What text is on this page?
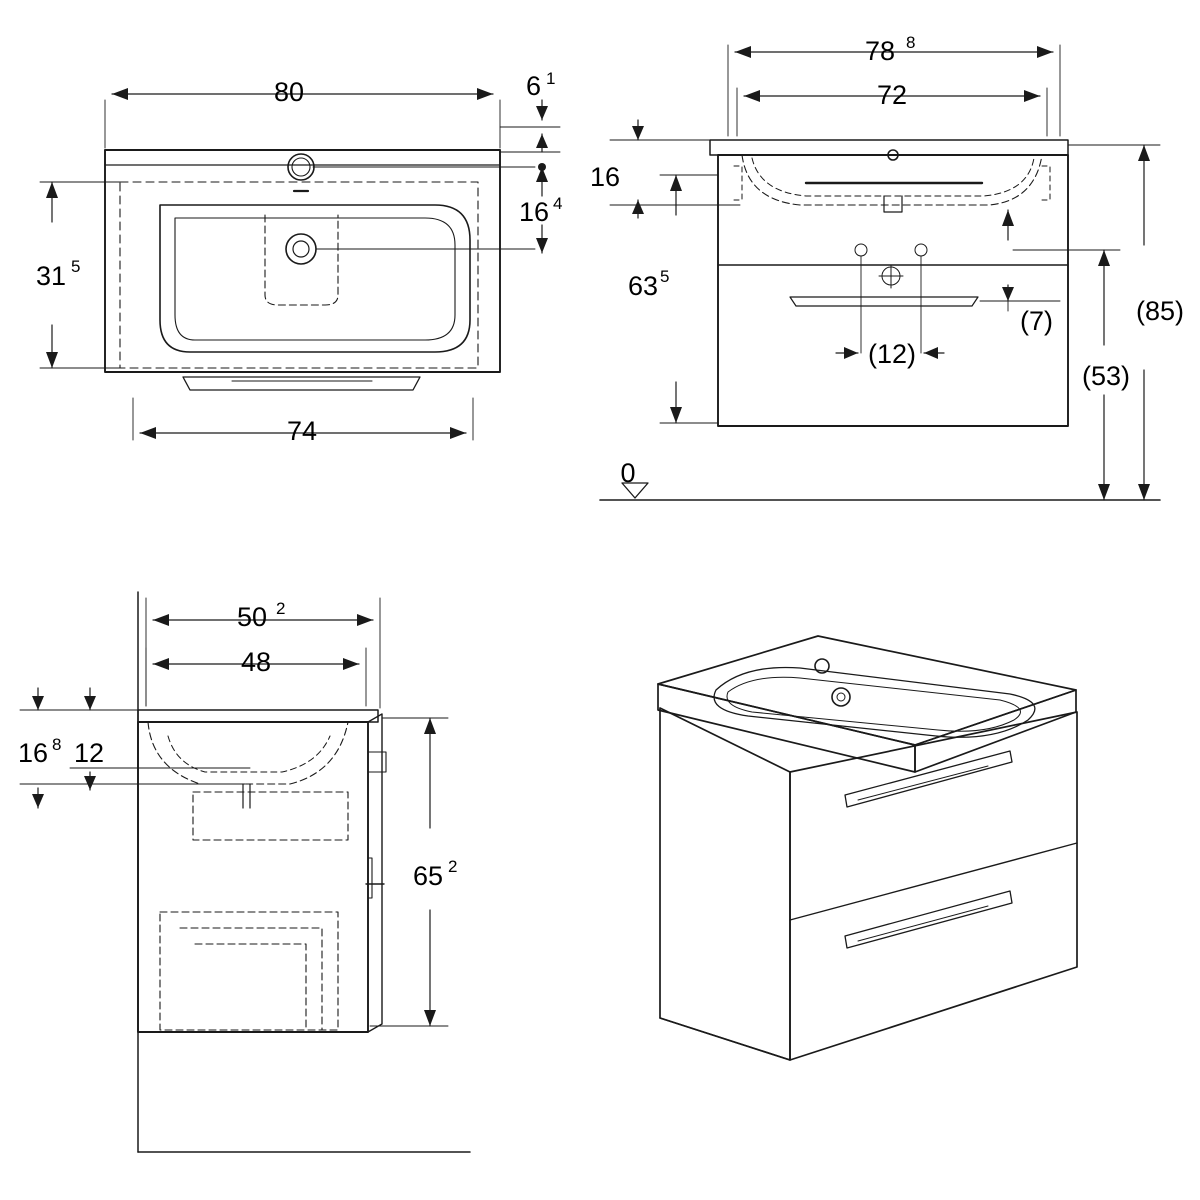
80	6 1
16 4
31 5
74
78 8
72
16
63 5
(7)
(12)
(85)
(53)
0
50 2
48
16 8 12
65 2
